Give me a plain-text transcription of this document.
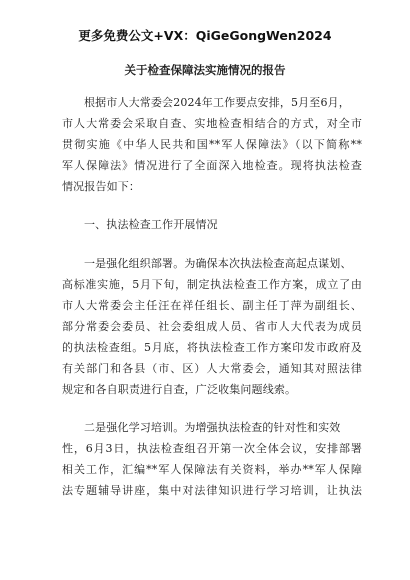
更多免费公文+VX：QiGeGongWen2024
关于检查保障法实施情况的报告
根据市人大常委会2024年工作要点安排，5月至6月，
市人大常委会采取自查、实地检查相结合的方式，对全市
贯彻实施《中华人民共和国**军人保障法》（以下简称**
军人保障法》情况进行了全面深入地检查。现将执法检查
情况报告如下：
一、执法检查工作开展情况
一是强化组织部署。为确保本次执法检查高起点谋划、
高标准实施，5月下旬，制定执法检查工作方案，成立了由
市人大常委会主任汪在祥任组长、副主任丁萍为副组长、
部分常委会委员、社会委组成人员、省市人大代表为成员
的执法检查组。5月底，将执法检查工作方案印发市政府及
有关部门和各县（市、区）人大常委会，通知其对照法律
规定和各自职责进行自查，广泛收集问题线索。
二是强化学习培训。为增强执法检查的针对性和实效
性，6月3日，执法检查组召开第一次全体会议，安排部署
相关工作，汇编**军人保障法有关资料，举办**军人保障
法专题辅导讲座，集中对法律知识进行学习培训，让执法
